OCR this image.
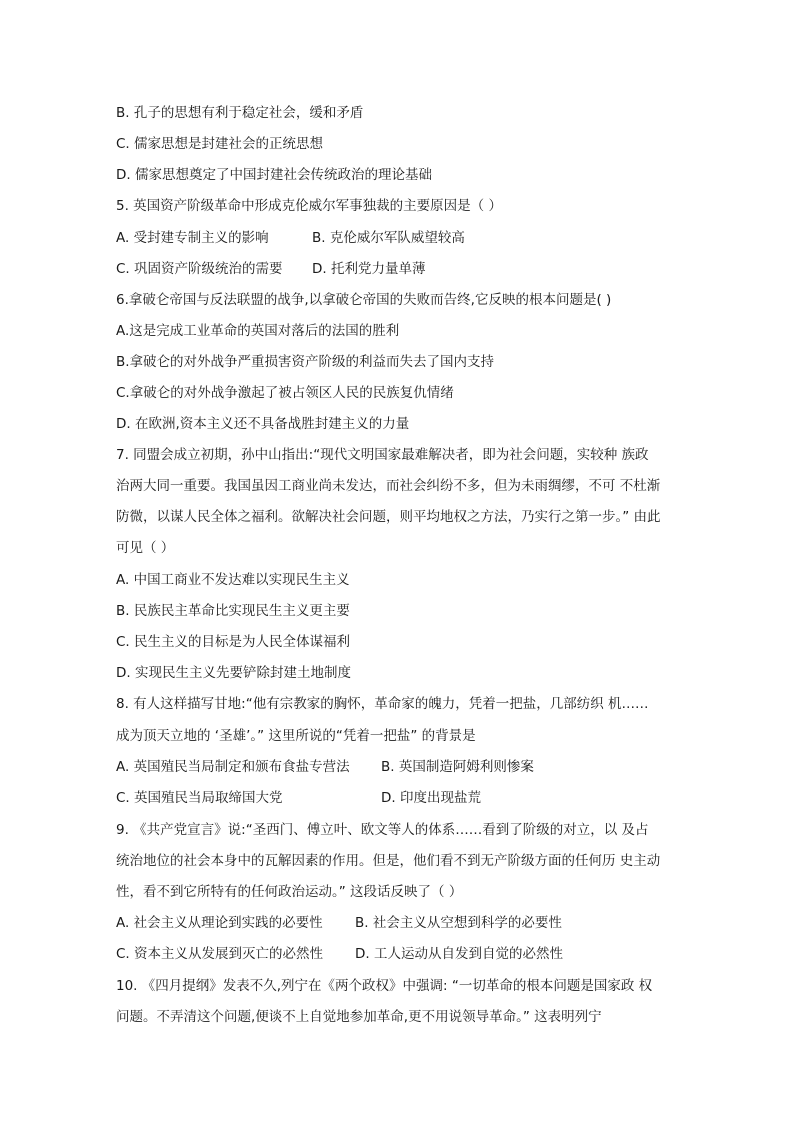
B. 孔子的思想有利于稳定社会，缓和矛盾
C. 儒家思想是封建社会的正统思想
D. 儒家思想奠定了中国封建社会传统政治的理论基础
5. 英国资产阶级革命中形成克伦威尔军事独裁的主要原因是（ ）
A. 受封建专制主义的影响	B. 克伦威尔军队威望较高
C. 巩固资产阶级统治的需要 D. 托利党力量单薄
6.拿破仑帝国与反法联盟的战争,以拿破仑帝国的失败而告终,它反映的根本问题是( )
A.这是完成工业革命的英国对落后的法国的胜利
B.拿破仑的对外战争严重损害资产阶级的利益而失去了国内支持
C.拿破仑的对外战争激起了被占领区人民的民族复仇情绪
D. 在欧洲,资本主义还不具备战胜封建主义的力量
7. 同盟会成立初期，孙中山指出:“现代文明国家最难解决者，即为社会问题，实较种 族政
治两大同一重要。我国虽因工商业尚未发达，而社会纠纷不多，但为未雨绸缪，不可 不杜渐
防微，以谋人民全体之福利。欲解决社会问题，则平均地权之方法，乃实行之第一步。” 由此
可见（ ）
A. 中国工商业不发达难以实现民生主义
B. 民族民主革命比实现民生主义更主要
C. 民生主义的目标是为人民全体谋福利
D. 实现民生主义先要铲除封建土地制度
8. 有人这样描写甘地:“他有宗教家的胸怀，革命家的魄力，凭着一把盐，几部纺织 机……
成为顶天立地的 ‘圣雄’。” 这里所说的“凭着一把盐” 的背景是
A. 英国殖民当局制定和颁布食盐专营法 B. 英国制造阿姆利则惨案
C. 英国殖民当局取缔国大党	D. 印度出现盐荒
9. 《共产党宣言》说:“圣西门、傅立叶、欧文等人的体系……看到了阶级的对立，以 及占
统治地位的社会本身中的瓦解因素的作用。但是，他们看不到无产阶级方面的任何历 史主动
性，看不到它所特有的任何政治运动。” 这段话反映了（ ）
A. 社会主义从理论到实践的必要性 B. 社会主义从空想到科学的必要性
C. 资本主义从发展到灭亡的必然性 D. 工人运动从自发到自觉的必然性
10. 《四月提纲》发表不久,列宁在《两个政权》中强调: “一切革命的根本问题是国家政 权
问题。不弄清这个问题,便谈不上自觉地参加革命,更不用说领导革命。” 这表明列宁
